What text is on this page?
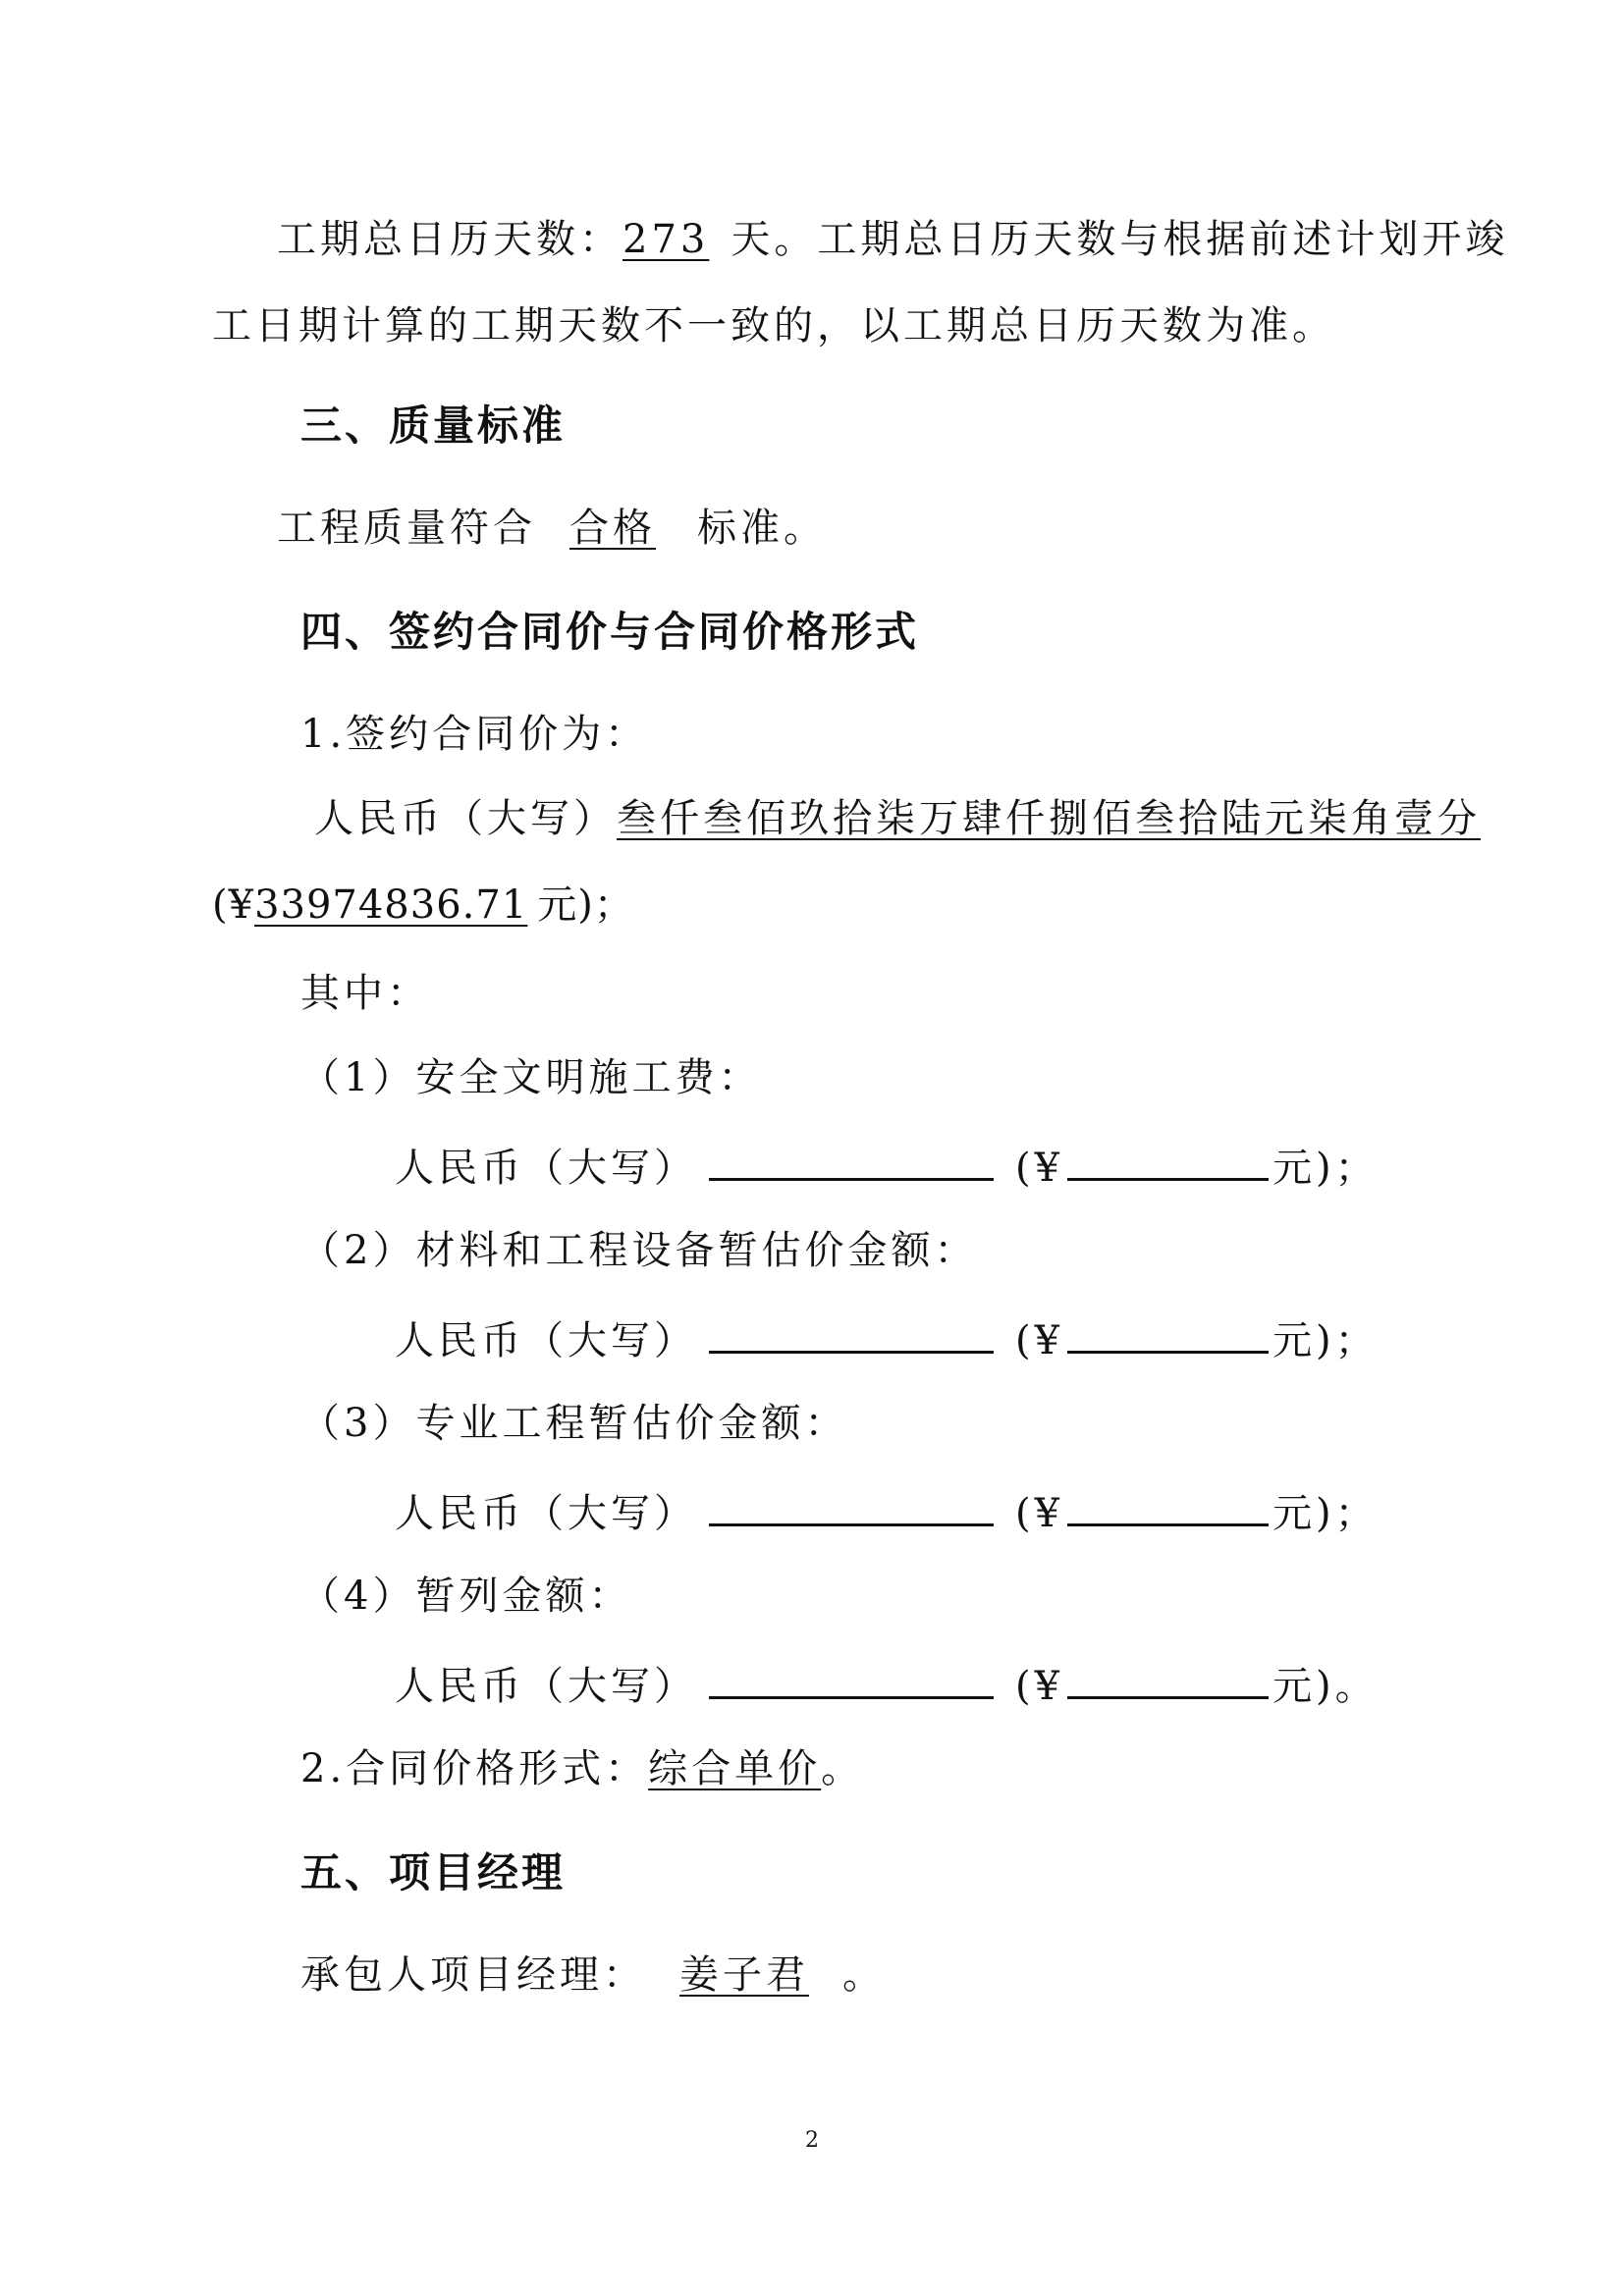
工期总日历天数：273 天。工期总日历天数与根据前述计划开竣
工日期计算的工期天数不一致的，以工期总日历天数为准。
三、质量标准
工程质量符合 合格 标准。
四、签约合同价与合同价格形式
1.签约合同价为：
人民币（大写）叁仟叁佰玖拾柒万肆仟捌佰叁拾陆元柒角壹分
(¥33974836.71 元)；
其中：
（1）安全文明施工费：
人民币（大写）	(¥	元)；
（2）材料和工程设备暂估价金额：
人民币（大写）	(¥	元)；
（3）专业工程暂估价金额：
人民币（大写）	(¥	元)；
（4）暂列金额：
人民币（大写）	(¥	元)。
2.合同价格形式：综合单价。
五、项目经理
承包人项目经理： 姜子君 。
2
